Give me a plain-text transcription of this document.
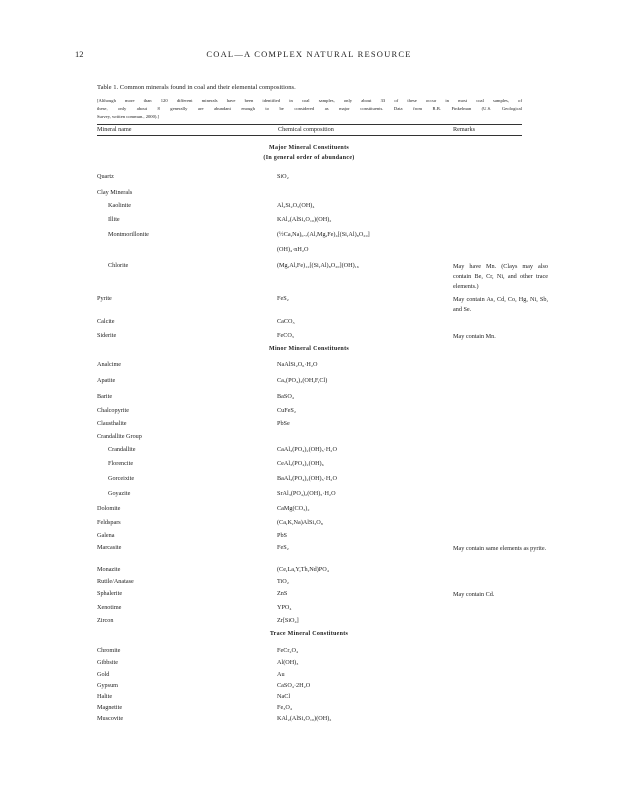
12	COAL—A COMPLEX NATURAL RESOURCE
Table 1. Common minerals found in coal and their elemental compositions.
[Although more than 120 different minerals have been identified in coal samples, only about 33 of these occur in most coal samples, of
these, only about 8 generally are abundant enough to be considered as major constituents. Data from R.B. Finkelman (U.S. Geological
Survey, written commun., 2000).]
Mineral name	Chemical composition	Remarks
Major Mineral Constituents
(In general order of abundance)
Quartz	SiO₂
Clay Minerals
Kaolinite	Al₂Si₂O₅(OH)₄
Illite	KAl₂(AlSi₃O₁₀)(OH)₂
Montmorillonite	(½Ca,Na)₀.₇(Al,Mg,Fe)₄[(Si,Al)₈O₂₀]
(OH)₄·nH₂O
Chlorite	(Mg,Al,Fe)₁₂[(Si,Al)₈O₂₀](OH)₁₆	May have Mn. (Clays may also contain Be, Cr, Ni, and other trace elements.)
Pyrite	FeS₂	May contain As, Cd, Co, Hg, Ni, Sb, and Se.
Calcite	CaCO₃
Siderite	FeCO₃	May contain Mn.
Minor Mineral Constituents
Analcime	NaAlSi₂O₆·H₂O
Apatite	Ca₅(PO₄)₃(OH,F,Cl)
Barite	BaSO₄
Chalcopyrite	CuFeS₂
Clausthalite	PbSe
Crandallite Group
Crandallite	CaAl₃(PO₄)₂(OH)₅·H₂O
Florencite	CeAl₃(PO₄)₂(OH)₆
Gorceixite	BaAl₃(PO₄)₂(OH)₅·H₂O
Goyazite	SrAl₃(PO₄)₂(OH)₅·H₂O
Dolomite	CaMg(CO₃)₂
Feldspars	(Ca,K,Na)AlSi₃O₈
Galena	PbS
Marcasite	FeS₂	May contain same elements as pyrite.
Monazite	(Ce,La,Y,Th,Nd)PO₄
Rutile/Anatase	TiO₂
Sphalerite	ZnS	May contain Cd.
Xenotime	YPO₄
Zircon	Zr[SiO₄]
Trace Mineral Constituents
Chromite	FeCr₂O₄
Gibbsite	Al(OH)₃
Gold	Au
Gypsum	CaSO₄·2H₂O
Halite	NaCl
Magnetite	Fe₃O₄
Muscovite	KAl₂(AlSi₃O₁₀)(OH)₂
